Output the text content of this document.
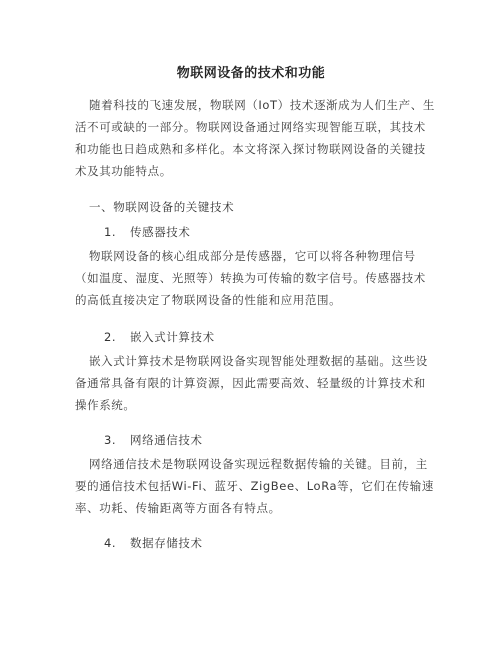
物联网设备的技术和功能

随着科技的飞速发展，物联网（IoT）技术逐渐成为人们生产、生活不可或缺的一部分。物联网设备通过网络实现智能互联，其技术和功能也日趋成熟和多样化。本文将深入探讨物联网设备的关键技术及其功能特点。

一、物联网设备的关键技术
1. 传感器技术

物联网设备的核心组成部分是传感器，它可以将各种物理信号（如温度、湿度、光照等）转换为可传输的数字信号。传感器技术的高低直接决定了物联网设备的性能和应用范围。

2. 嵌入式计算技术

嵌入式计算技术是物联网设备实现智能处理数据的基础。这些设备通常具备有限的计算资源，因此需要高效、轻量级的计算技术和操作系统。

3. 网络通信技术

网络通信技术是物联网设备实现远程数据传输的关键。目前，主要的通信技术包括Wi-Fi、蓝牙、ZigBee、LoRa等，它们在传输速率、功耗、传输距离等方面各有特点。

4. 数据存储技术
